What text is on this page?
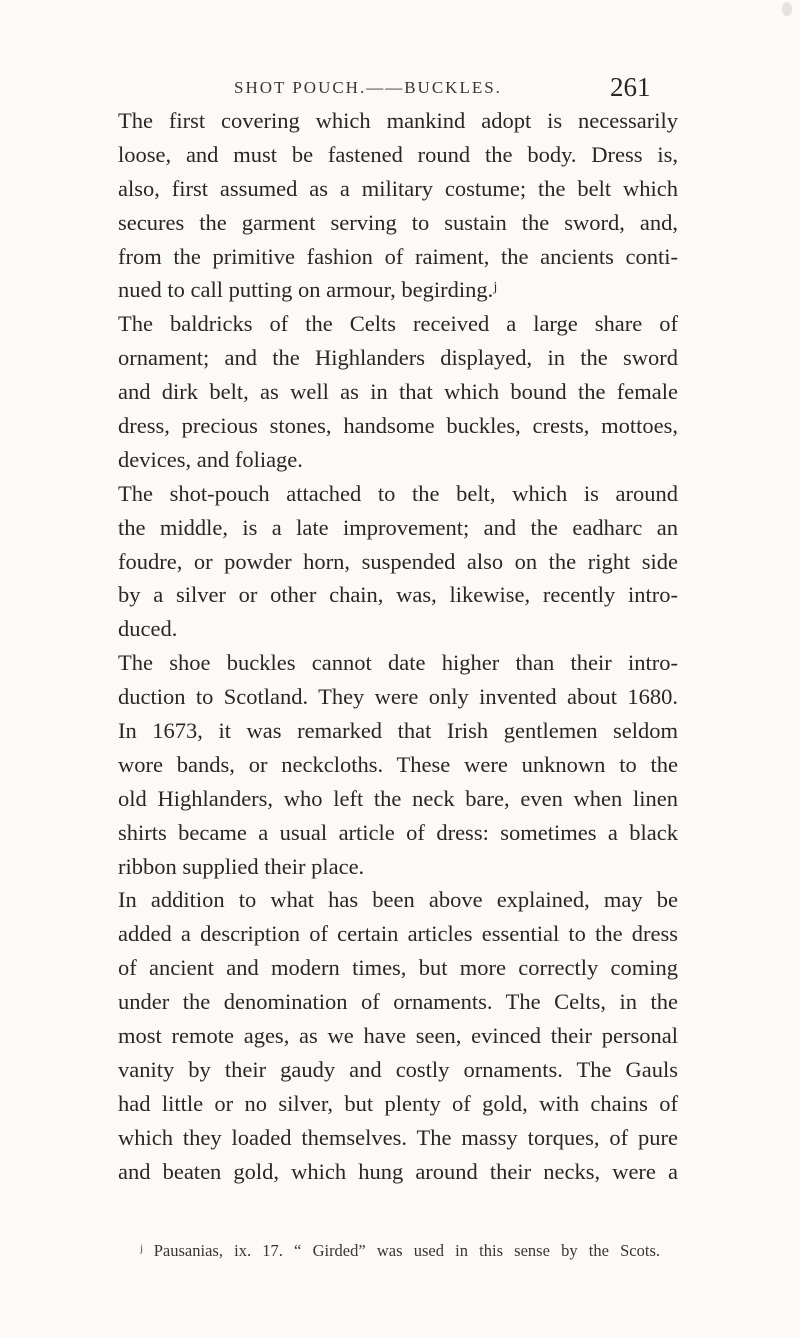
SHOT POUCH.——BUCKLES.	261
The first covering which mankind adopt is necessarily
loose, and must be fastened round the body. Dress is,
also, first assumed as a military costume; the belt which
secures the garment serving to sustain the sword, and,
from the primitive fashion of raiment, the ancients conti-
nued to call putting on armour, begirding.ʲ
The baldricks of the Celts received a large share of
ornament; and the Highlanders displayed, in the sword
and dirk belt, as well as in that which bound the female
dress, precious stones, handsome buckles, crests, mottoes,
devices, and foliage.
The shot-pouch attached to the belt, which is around
the middle, is a late improvement; and the eadharc an
foudre, or powder horn, suspended also on the right side
by a silver or other chain, was, likewise, recently intro-
duced.
The shoe buckles cannot date higher than their intro-
duction to Scotland. They were only invented about 1680.
In 1673, it was remarked that Irish gentlemen seldom
wore bands, or neckcloths. These were unknown to the
old Highlanders, who left the neck bare, even when linen
shirts became a usual article of dress: sometimes a black
ribbon supplied their place.
In addition to what has been above explained, may be
added a description of certain articles essential to the dress
of ancient and modern times, but more correctly coming
under the denomination of ornaments. The Celts, in the
most remote ages, as we have seen, evinced their personal
vanity by their gaudy and costly ornaments. The Gauls
had little or no silver, but plenty of gold, with chains of
which they loaded themselves. The massy torques, of pure
and beaten gold, which hung around their necks, were a
ʲ Pausanias, ix. 17. “ Girded” was used in this sense by the Scots.
